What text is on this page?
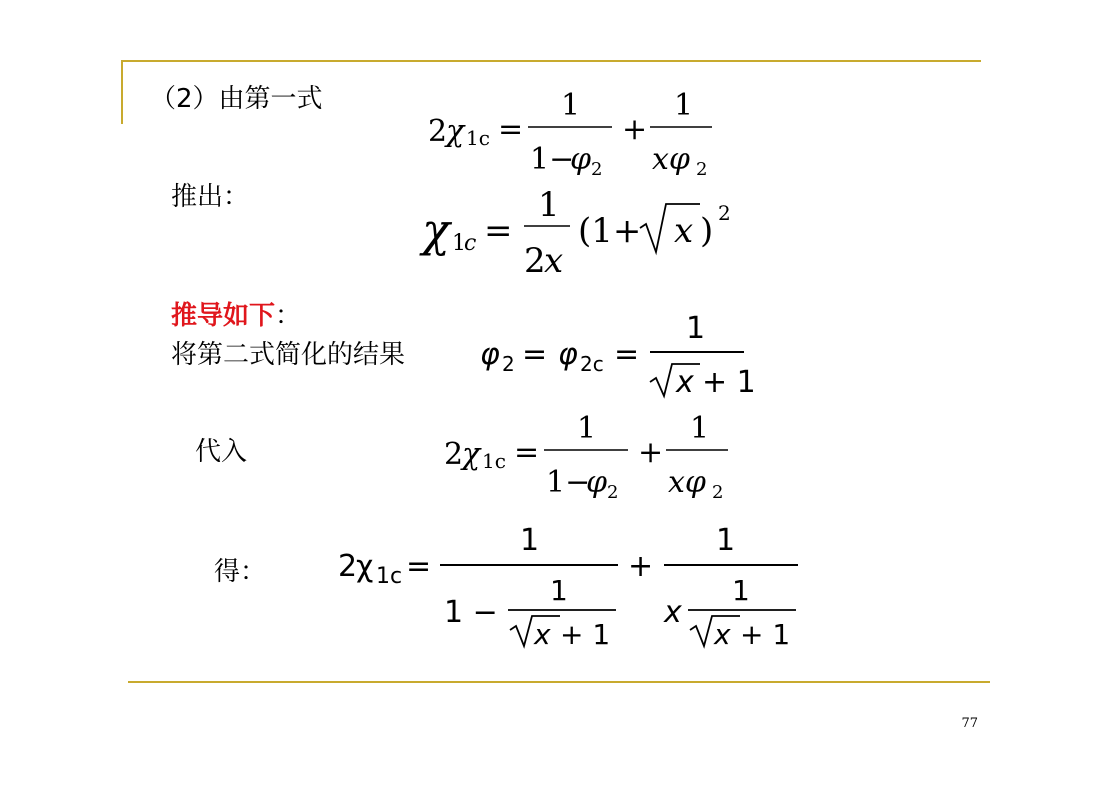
（2）由第一式
推出：
推导如下：
将第二式简化的结果
代入
得：
2
χ 1c =
1
1−
φ 2
+
1
xφ 2
χ 1
c =
1
2
x
(1+ x ) 2
φ 2 = φ 2c =
1
x + 1
2
χ 1c =
1
1−
φ 2
+
1
xφ 2
2
χ 1c =
1
1 −
1
x + 1
+
1
x
1
x + 1
77
